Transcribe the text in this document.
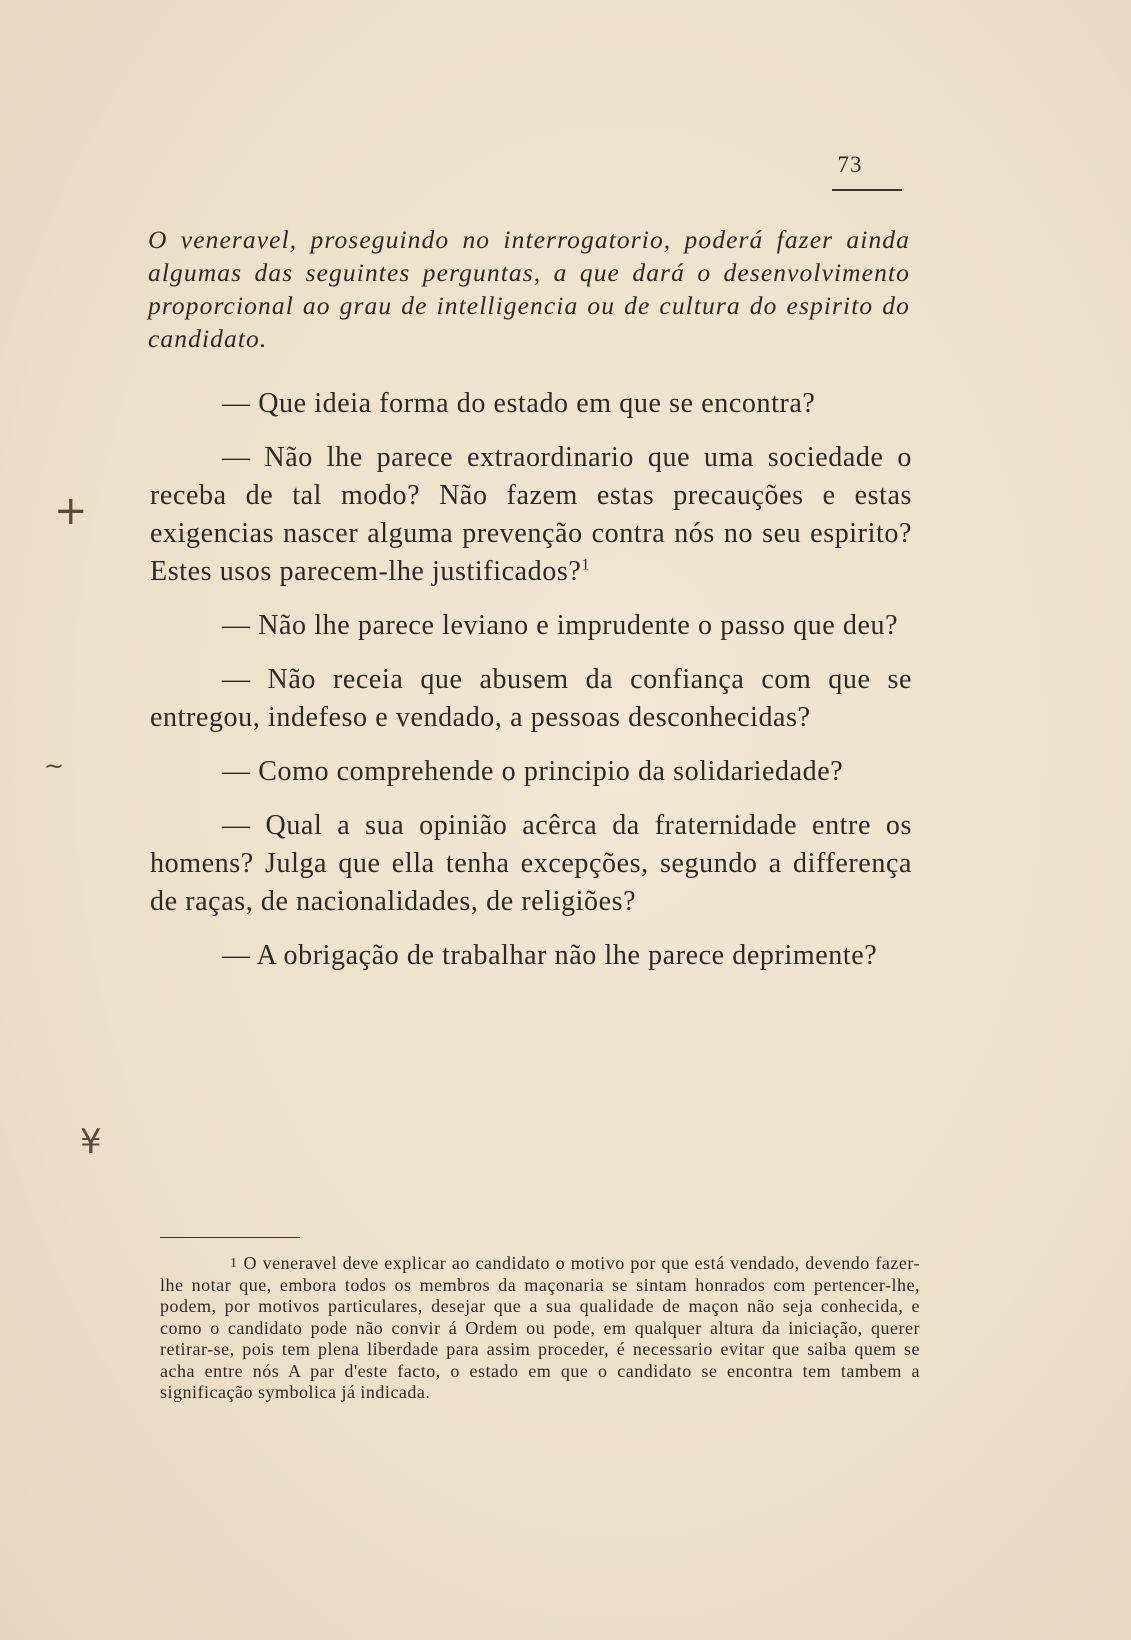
+
~
¥
73

O veneravel, proseguindo no interrogatorio, poderá fazer ainda algumas das seguintes perguntas, a que dará o desenvolvimento proporcional ao grau de intelligencia ou de cultura do espirito do candidato.

— Que ideia forma do estado em que se encontra?

— Não lhe parece extraordinario que uma sociedade o receba de tal modo? Não fazem estas precauções e estas exigencias nascer alguma prevenção contra nós no seu espirito? Estes usos parecem-lhe justificados?$^1$

— Não lhe parece leviano e imprudente o passo que deu?

— Não receia que abusem da confiança com que se entregou, indefeso e vendado, a pessoas desconhecidas?

— Como comprehende o principio da solidariedade?

— Qual a sua opinião acêrca da fraternidade entre os homens? Julga que ella tenha excepções, segundo a differença de raças, de nacionalidades, de religiões?

— A obrigação de trabalhar não lhe parece deprimente?

1 O veneravel deve explicar ao candidato o motivo por que está vendado, devendo fazer-lhe notar que, embora todos os membros da maçonaria se sintam honrados com pertencer-lhe, podem, por motivos particulares, desejar que a sua qualidade de maçon não seja conhecida, e como o candidato pode não convir á Ordem ou pode, em qualquer altura da iniciação, querer retirar-se, pois tem plena liberdade para assim proceder, é necessario evitar que saiba quem se acha entre nós A par d'este facto, o estado em que o candidato se encontra tem tambem a significação symbolica já indicada.
